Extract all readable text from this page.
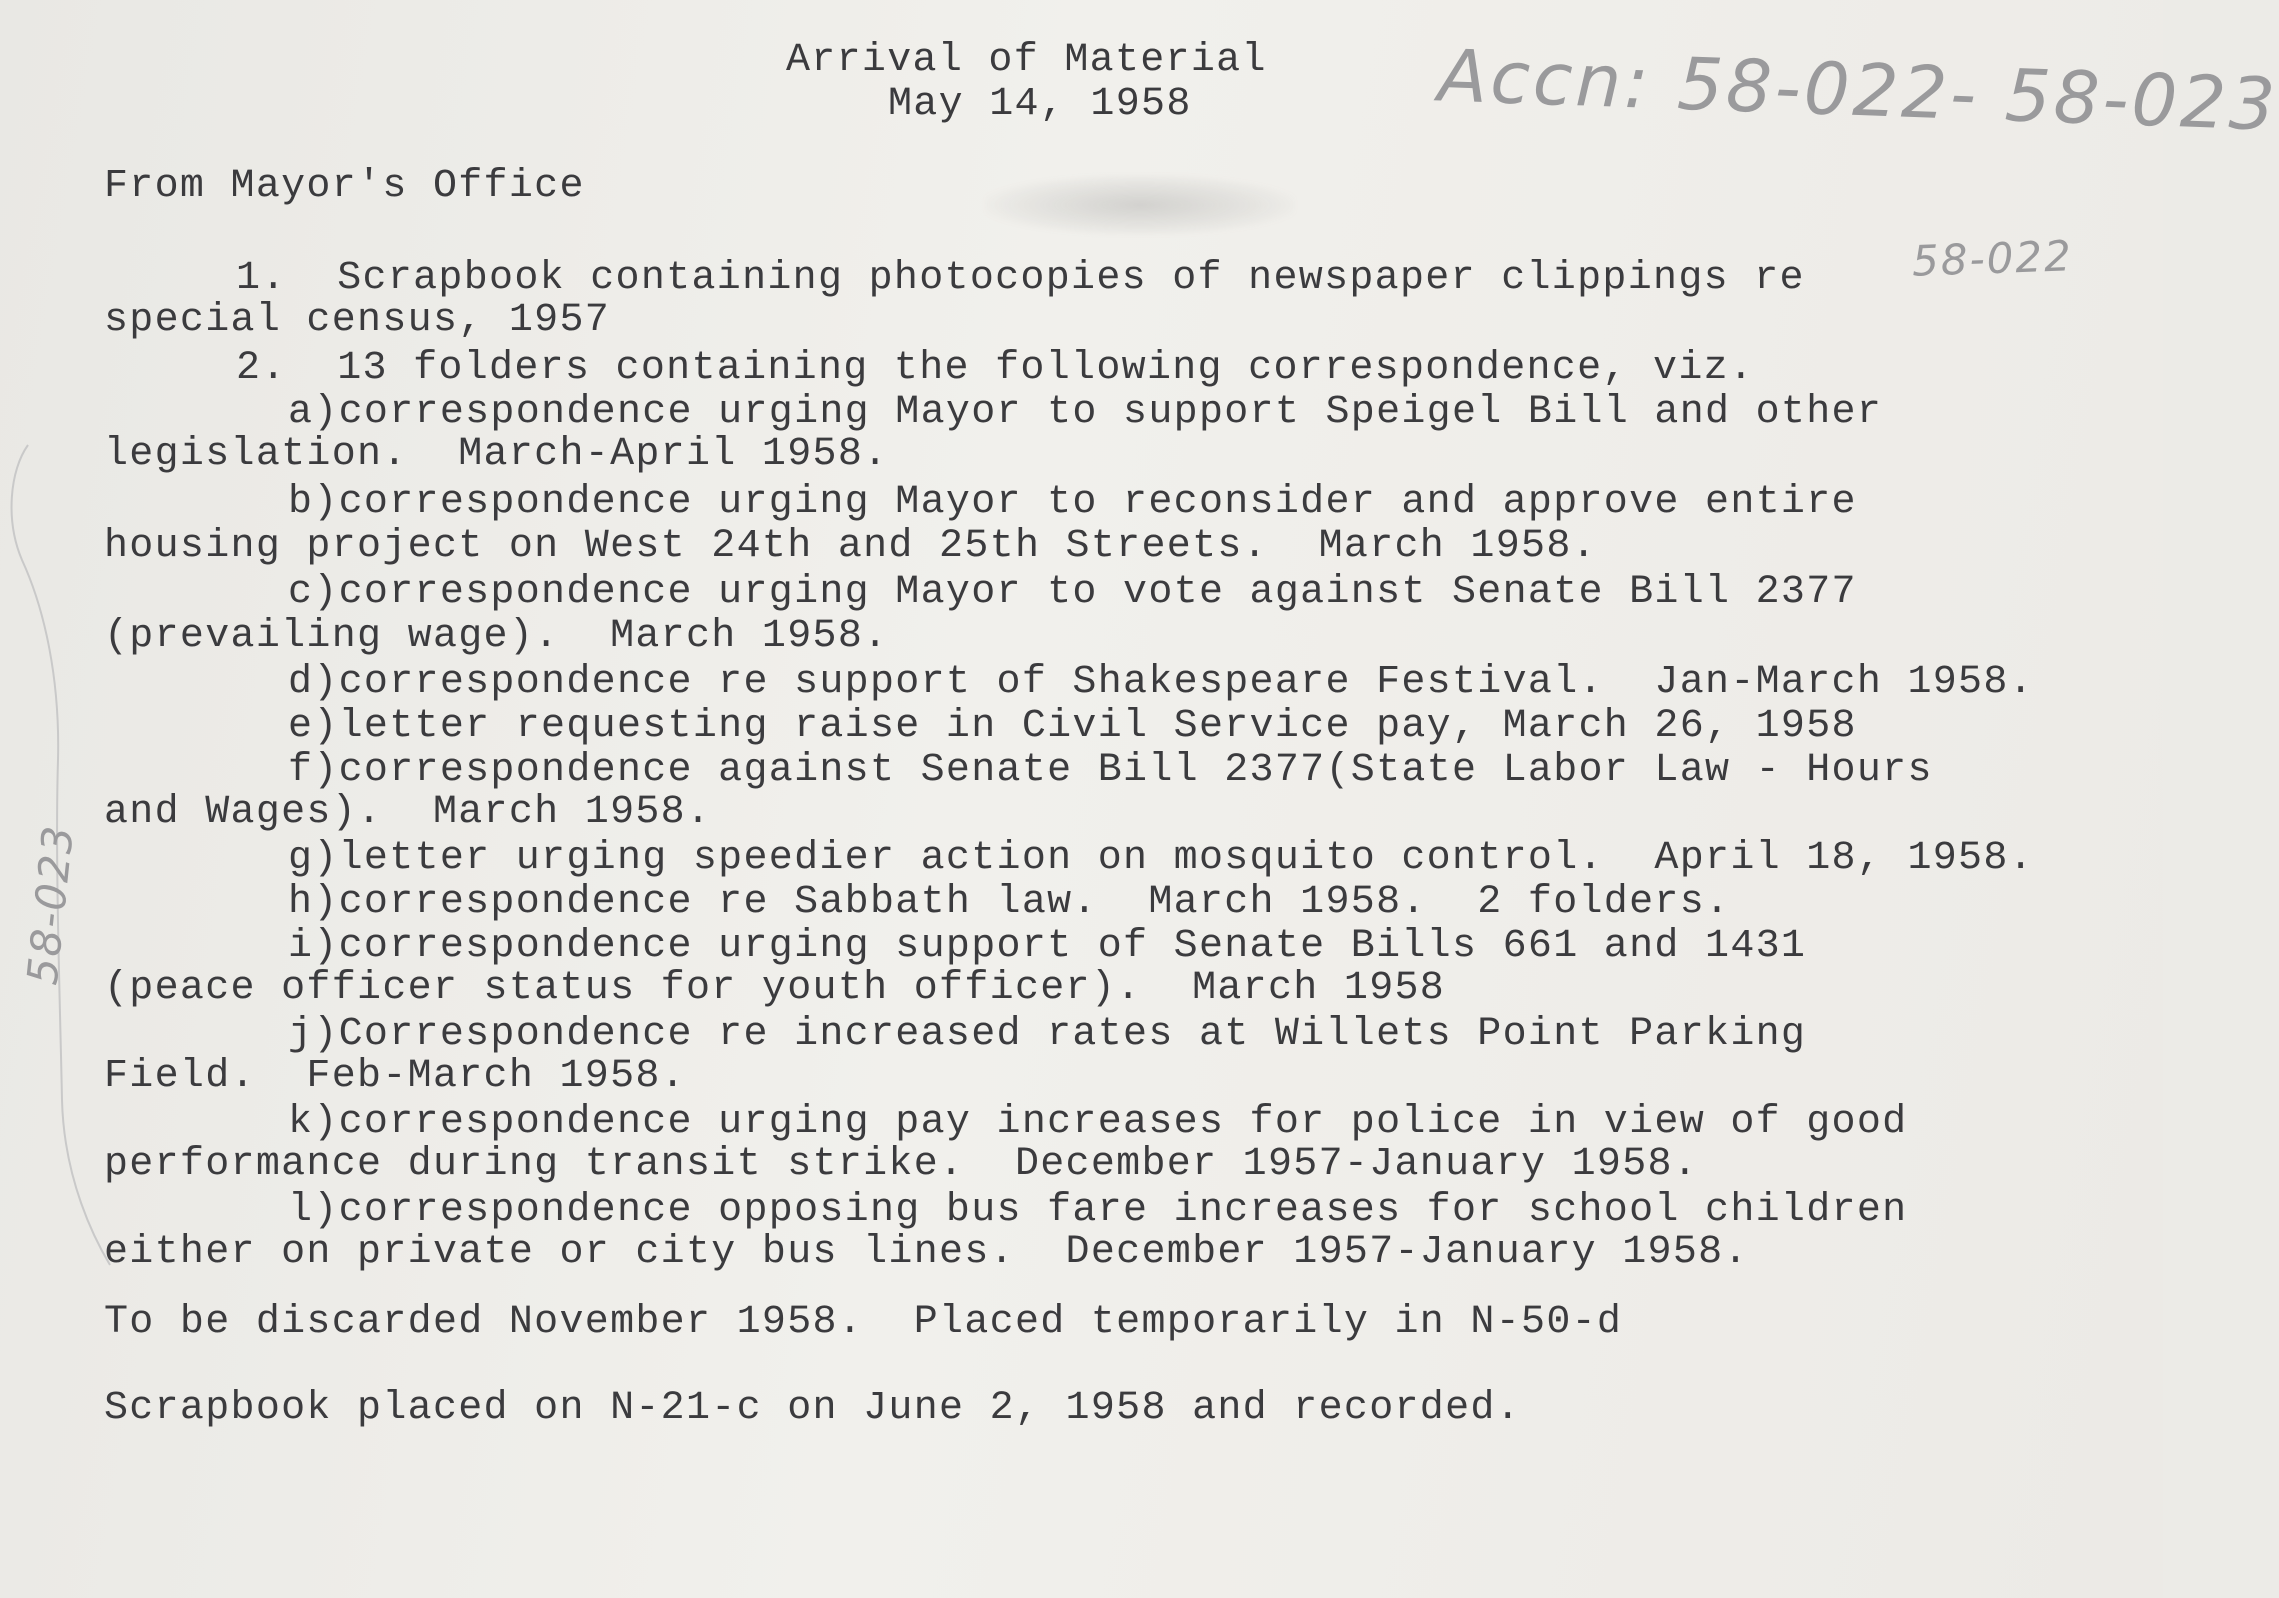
Arrival of Material
May 14, 1958	Accn: 58-022- 58-023
58-022
58-023
From Mayor's Office
1.  Scrapbook containing photocopies of newspaper clippings re
special census, 1957
2.  13 folders containing the following correspondence, viz.
a)correspondence urging Mayor to support Speigel Bill and other
legislation.  March-April 1958.
b)correspondence urging Mayor to reconsider and approve entire
housing project on West 24th and 25th Streets.  March 1958.
c)correspondence urging Mayor to vote against Senate Bill 2377
(prevailing wage).  March 1958.
d)correspondence re support of Shakespeare Festival.  Jan-March 1958.
e)letter requesting raise in Civil Service pay, March 26, 1958
f)correspondence against Senate Bill 2377(State Labor Law - Hours
and Wages).  March 1958.
g)letter urging speedier action on mosquito control.  April 18, 1958.
h)correspondence re Sabbath law.  March 1958.  2 folders.
i)correspondence urging support of Senate Bills 661 and 1431
(peace officer status for youth officer).  March 1958
j)Correspondence re increased rates at Willets Point Parking
Field.  Feb-March 1958.
k)correspondence urging pay increases for police in view of good
performance during transit strike.  December 1957-January 1958.
l)correspondence opposing bus fare increases for school children
either on private or city bus lines.  December 1957-January 1958.
To be discarded November 1958.  Placed temporarily in N-50-d
Scrapbook placed on N-21-c on June 2, 1958 and recorded.
